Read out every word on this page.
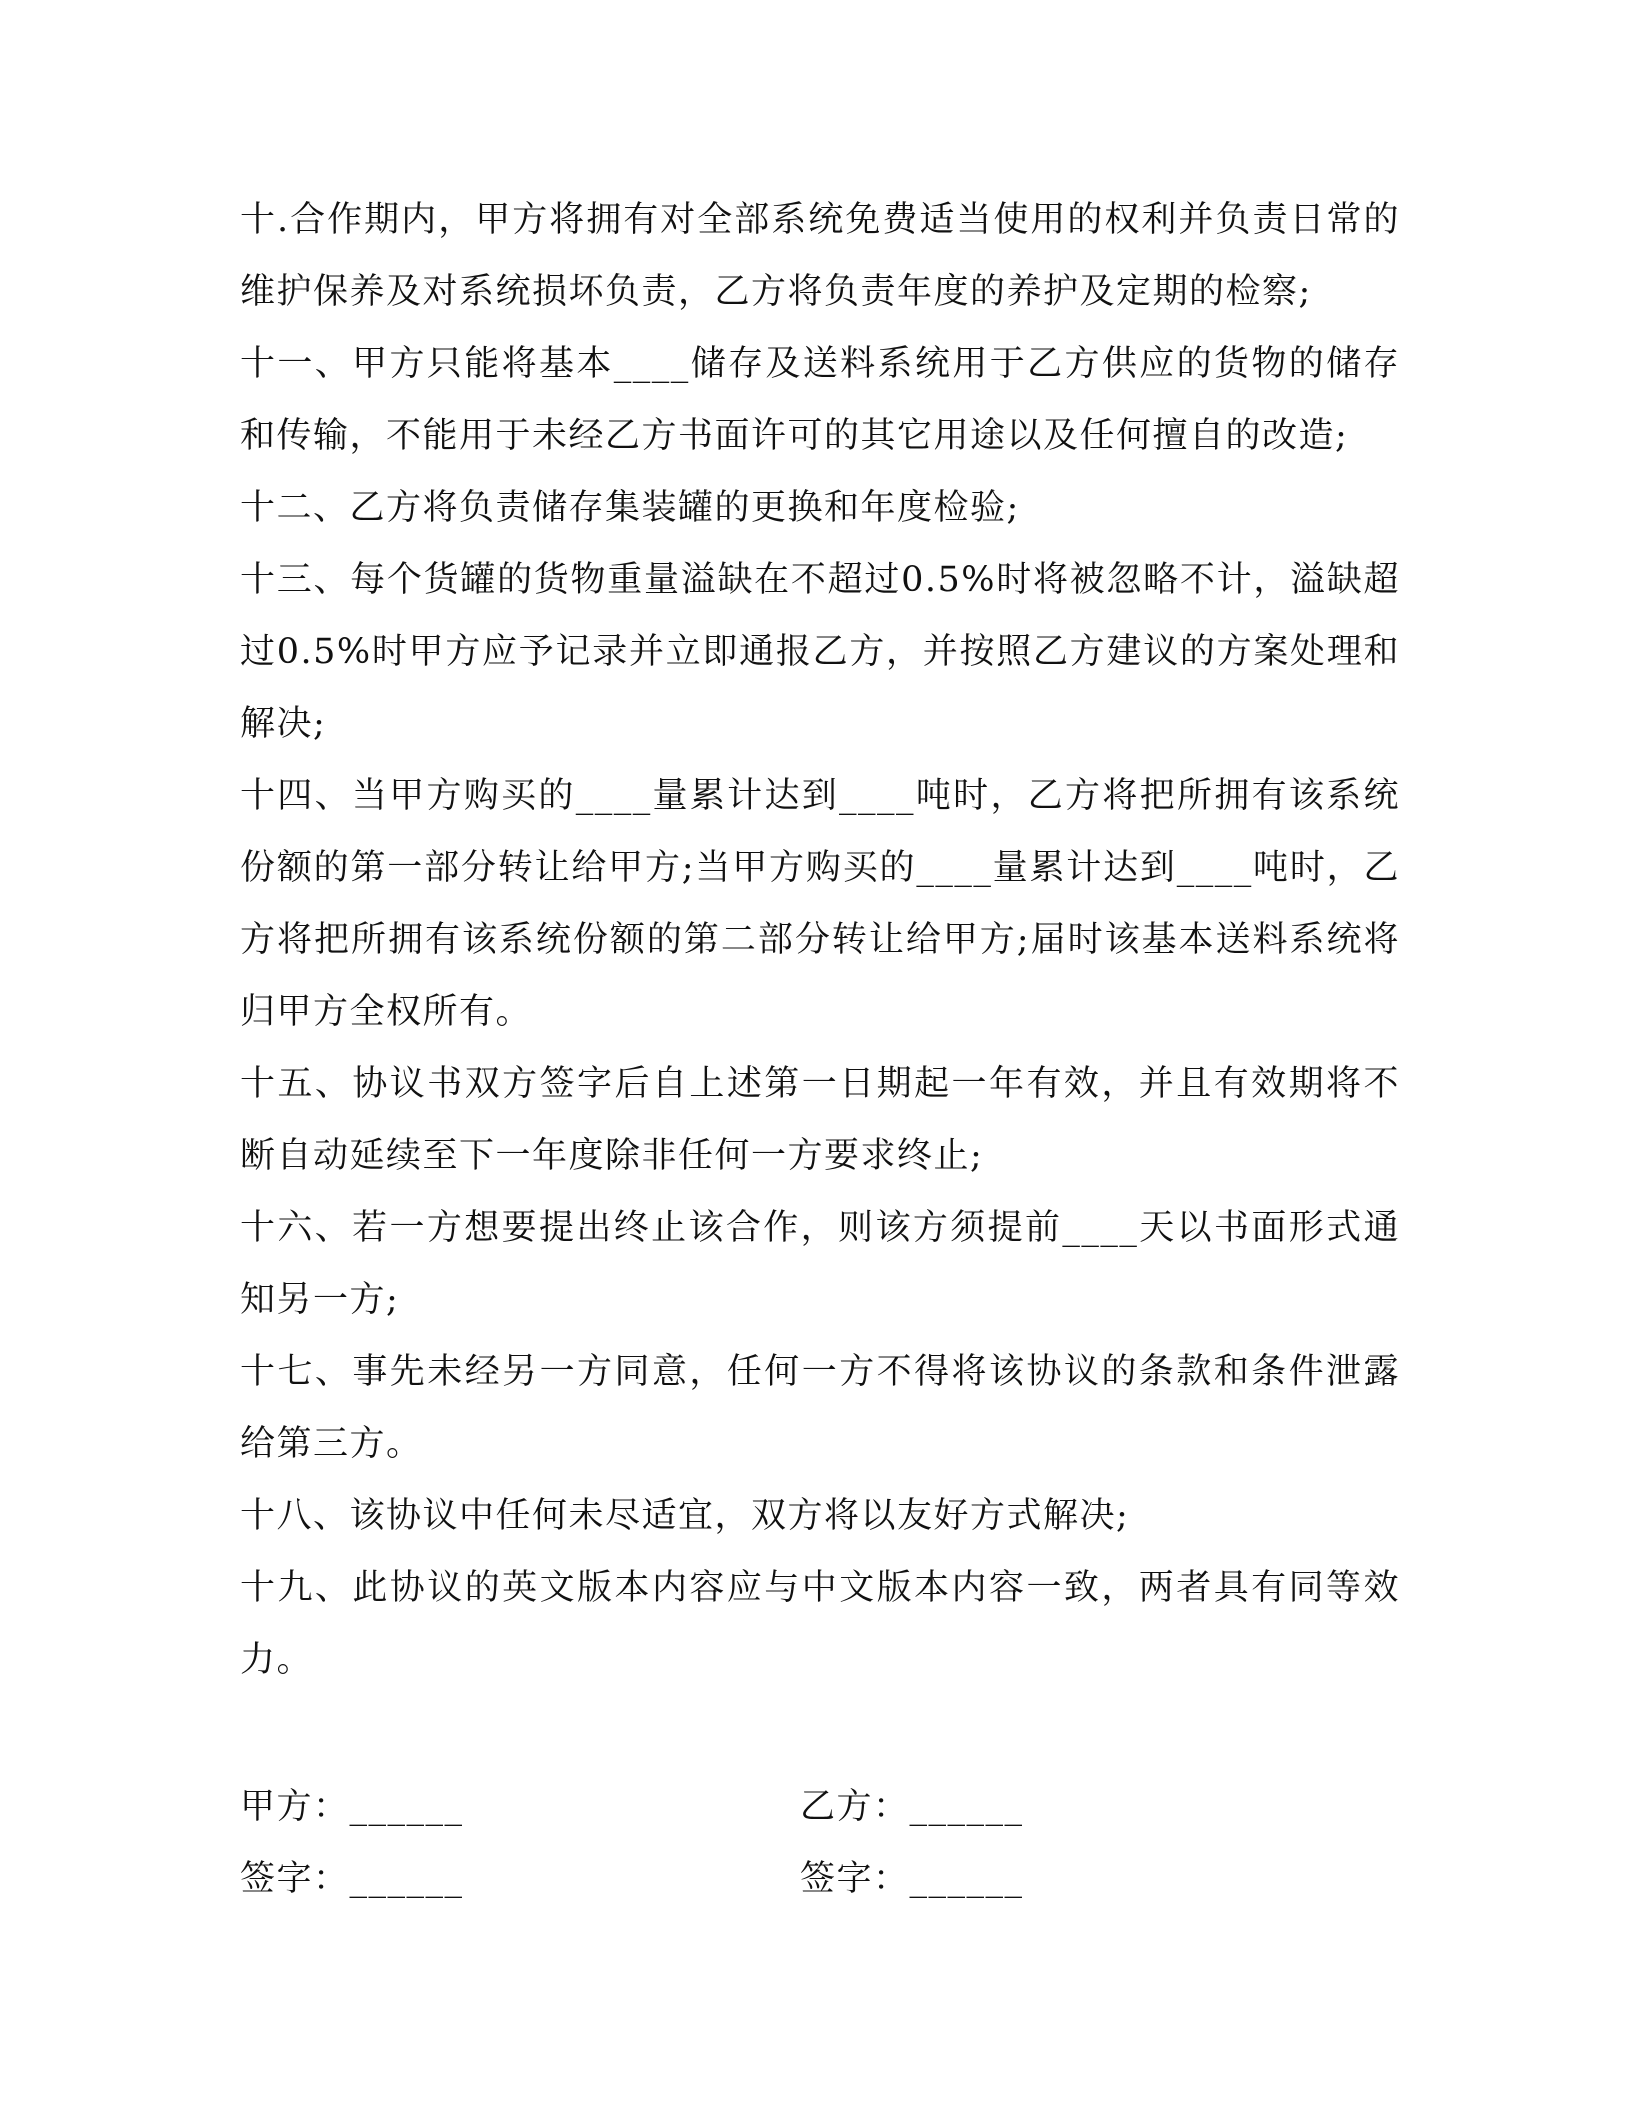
十.合作期内，甲方将拥有对全部系统免费适当使用的权利并负责日常的维护保养及对系统损坏负责，乙方将负责年度的养护及定期的检察;

十一、甲方只能将基本____储存及送料系统用于乙方供应的货物的储存和传输，不能用于未经乙方书面许可的其它用途以及任何擅自的改造;

十二、乙方将负责储存集装罐的更换和年度检验;

十三、每个货罐的货物重量溢缺在不超过0.5%时将被忽略不计，溢缺超过0.5%时甲方应予记录并立即通报乙方，并按照乙方建议的方案处理和解决;

十四、当甲方购买的____量累计达到____吨时，乙方将把所拥有该系统份额的第一部分转让给甲方;当甲方购买的____量累计达到____吨时，乙方将把所拥有该系统份额的第二部分转让给甲方;届时该基本送料系统将归甲方全权所有。

十五、协议书双方签字后自上述第一日期起一年有效，并且有效期将不断自动延续至下一年度除非任何一方要求终止;

十六、若一方想要提出终止该合作，则该方须提前____天以书面形式通知另一方;

十七、事先未经另一方同意，任何一方不得将该协议的条款和条件泄露给第三方。

十八、该协议中任何未尽适宜，双方将以友好方式解决;

十九、此协议的英文版本内容应与中文版本内容一致，两者具有同等效力。

甲方：______	乙方：______
签字：______	签字：______
